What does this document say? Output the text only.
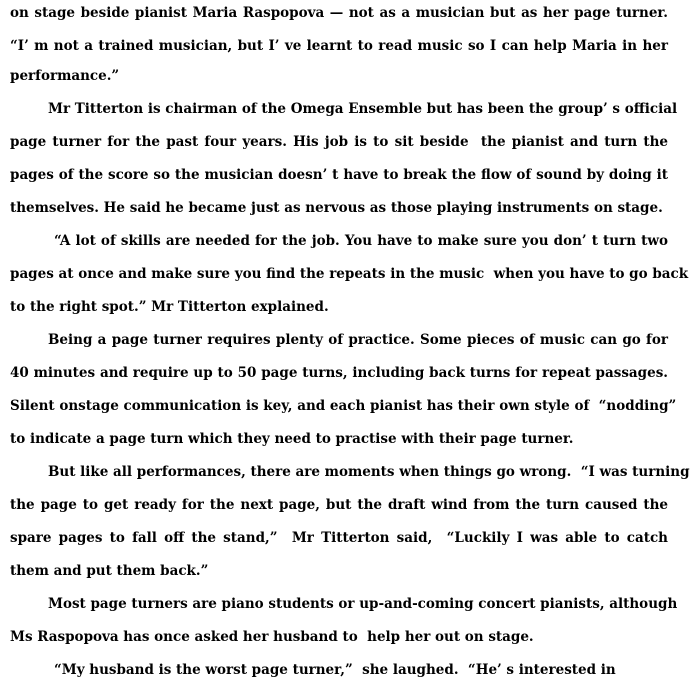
on stage beside pianist Maria Raspopova — not as a musician but as her page turner.
“I’ m not a trained musician, but I’ ve learnt to read music so I can help Maria in her
performance.”
Mr Titterton is chairman of the Omega Ensemble but has been the group’ s official
page turner for the past four years. His job is to sit beside  the pianist and turn the
pages of the score so the musician doesn’ t have to break the flow of sound by doing it
themselves. He said he became just as nervous as those playing instruments on stage.
“A lot of skills are needed for the job. You have to make sure you don’ t turn two
pages at once and make sure you find the repeats in the music  when you have to go back
to the right spot.” Mr Titterton explained.
Being a page turner requires plenty of practice. Some pieces of music can go for
40 minutes and require up to 50 page turns, including back turns for repeat passages.
Silent onstage communication is key, and each pianist has their own style of  “nodding”
to indicate a page turn which they need to practise with their page turner.
But like all performances, there are moments when things go wrong.  “I was turning
the page to get ready for the next page, but the draft wind from the turn caused the
spare pages to fall off the stand,”  Mr Titterton said,  “Luckily I was able to catch
them and put them back.”
Most page turners are piano students or up-and-coming concert pianists, although
Ms Raspopova has once asked her husband to  help her out on stage.
“My husband is the worst page turner,”  she laughed.  “He’ s interested in
